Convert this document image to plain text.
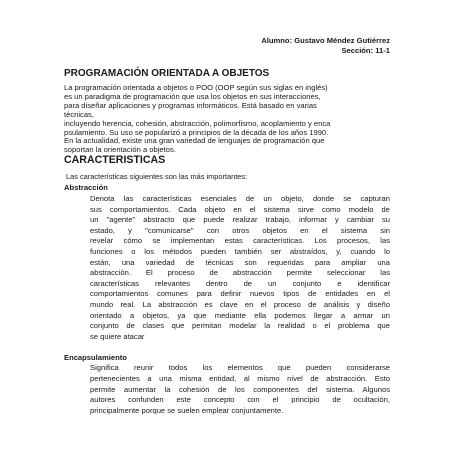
Alumno: Gustavo Méndez Gutiérrez
Sección: 11-1
PROGRAMACIÓN ORIENTADA A OBJETOS
La programación orientada a objetos o POO (OOP según sus siglas en inglés)
es un paradigma de programación que usa los objetos en sus interacciones,
para diseñar aplicaciones y programas informáticos. Está basado en varias
técnicas,
incluyendo herencia, cohesión, abstracción, polimorfismo, acoplamiento y enca
psulamiento. Su uso se popularizó a principios de la década de los años 1990.
En la actualidad, existe una gran variedad de lenguajes de programación que
soportan la orientación a objetos.
CARACTERISTICAS
Las características siguientes son las más importantes:
Abstracción
Denota las características esenciales de un objeto, donde se capturan
sus comportamientos. Cada objeto en el sistema sirve como modelo de
un "agente" abstracto que puede realizar trabajo, informar y cambiar su
estado, y "comunicarse" con otros objetos en el sistema sin
revelar cómo se implementan estas características. Los procesos, las
funciones o los métodos pueden también ser abstraídos, y, cuando lo
están, una variedad de técnicas son requeridas para ampliar una
abstracción. El proceso de abstracción permite seleccionar las
características relevantes dentro de un conjunto e identificar
comportamientos comunes para definir nuevos tipos de entidades en el
mundo real. La abstracción es clave en el proceso de análisis y diseño
orientado a objetos, ya que mediante ella podemos llegar a armar un
conjunto de clases que permitan modelar la realidad o el problema que
se quiere atacar
Encapsulamiento
Significa reunir todos los elementos que pueden considerarse
pertenecientes a una misma entidad, al mismo nivel de abstracción. Esto
permite aumentar la cohesión de los componentes del sistema. Algunos
autores confunden este concepto con el principio de ocultación,
principalmente porque se suelen emplear conjuntamente.
